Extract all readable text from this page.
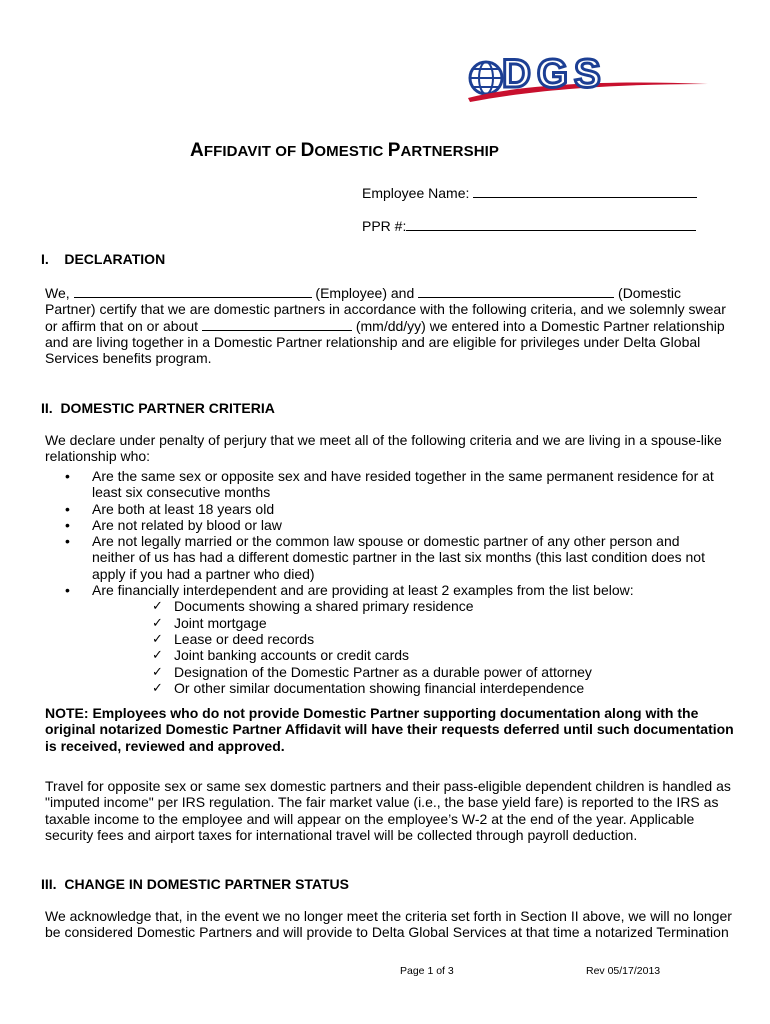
DGS
AFFIDAVIT OF DOMESTIC PARTNERSHIP
Employee Name:
PPR #:
I.    DECLARATION

We,	(Employee) and	(Domestic Partner) certify that we are domestic partners in accordance with the following criteria, and we solemnly swear or affirm that on or about	(mm/dd/yy) we entered into a Domestic Partner relationship and are living together in a Domestic Partner relationship and are eligible for privileges under Delta Global Services benefits program.

II.  DOMESTIC PARTNER CRITERIA
We declare under penalty of perjury that we meet all of the following criteria and we are living in a spouse-like relationship who:
• Are the same sex or opposite sex and have resided together in the same permanent residence for at least six consecutive months
• Are both at least 18 years old
• Are not related by blood or law
• Are not legally married or the common law spouse or domestic partner of any other person and neither of us has had a different domestic partner in the last six months (this last condition does not apply if you had a partner who died)
• Are financially interdependent and are providing at least 2 examples from the list below:
✓ Documents showing a shared primary residence
✓ Joint mortgage
✓ Lease or deed records
✓ Joint banking accounts or credit cards
✓ Designation of the Domestic Partner as a durable power of attorney
✓ Or other similar documentation showing financial interdependence
NOTE: Employees who do not provide Domestic Partner supporting documentation along with the original notarized Domestic Partner Affidavit will have their requests deferred until such documentation is received, reviewed and approved.
Travel for opposite sex or same sex domestic partners and their pass-eligible dependent children is handled as "imputed income" per IRS regulation. The fair market value (i.e., the base yield fare) is reported to the IRS as taxable income to the employee and will appear on the employee’s W-2 at the end of the year. Applicable security fees and airport taxes for international travel will be collected through payroll deduction.
III.  CHANGE IN DOMESTIC PARTNER STATUS
We acknowledge that, in the event we no longer meet the criteria set forth in Section II above, we will no longer be considered Domestic Partners and will provide to Delta Global Services at that time a notarized Termination
Page 1 of 3	Rev 05/17/2013
